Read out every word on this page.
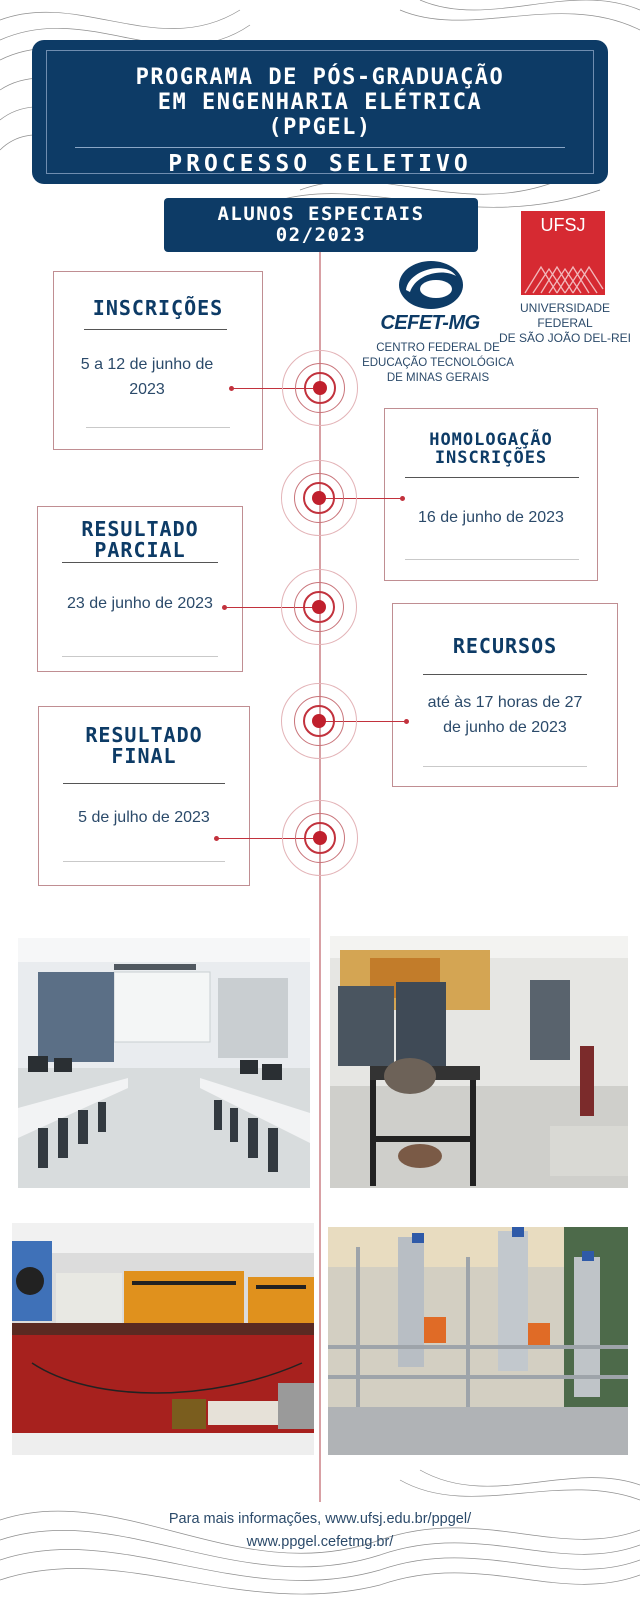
PROGRAMA DE PÓS-GRADUAÇÃO
EM ENGENHARIA ELÉTRICA
(PPGEL)
PROCESSO SELETIVO
ALUNOS ESPECIAIS
02/2023	UFSJ
UNIVERSIDADE FEDERAL
DE SÃO JOÃO DEL-REI
CEFET-MG
CENTRO FEDERAL DE
EDUCAÇÃO TECNOLÓGICA
DE MINAS GERAIS
INSCRIÇÕES
5 a 12 de junho de 2023
HOMOLOGAÇÃO
INSCRIÇÕES
16 de junho de 2023
RESULTADO
PARCIAL
23 de junho de 2023
RECURSOS
até às 17 horas de 27 de junho de 2023
RESULTADO
FINAL
5 de julho de 2023
Para mais informações, www.ufsj.edu.br/ppgel/
www.ppgel.cefetmg.br/
